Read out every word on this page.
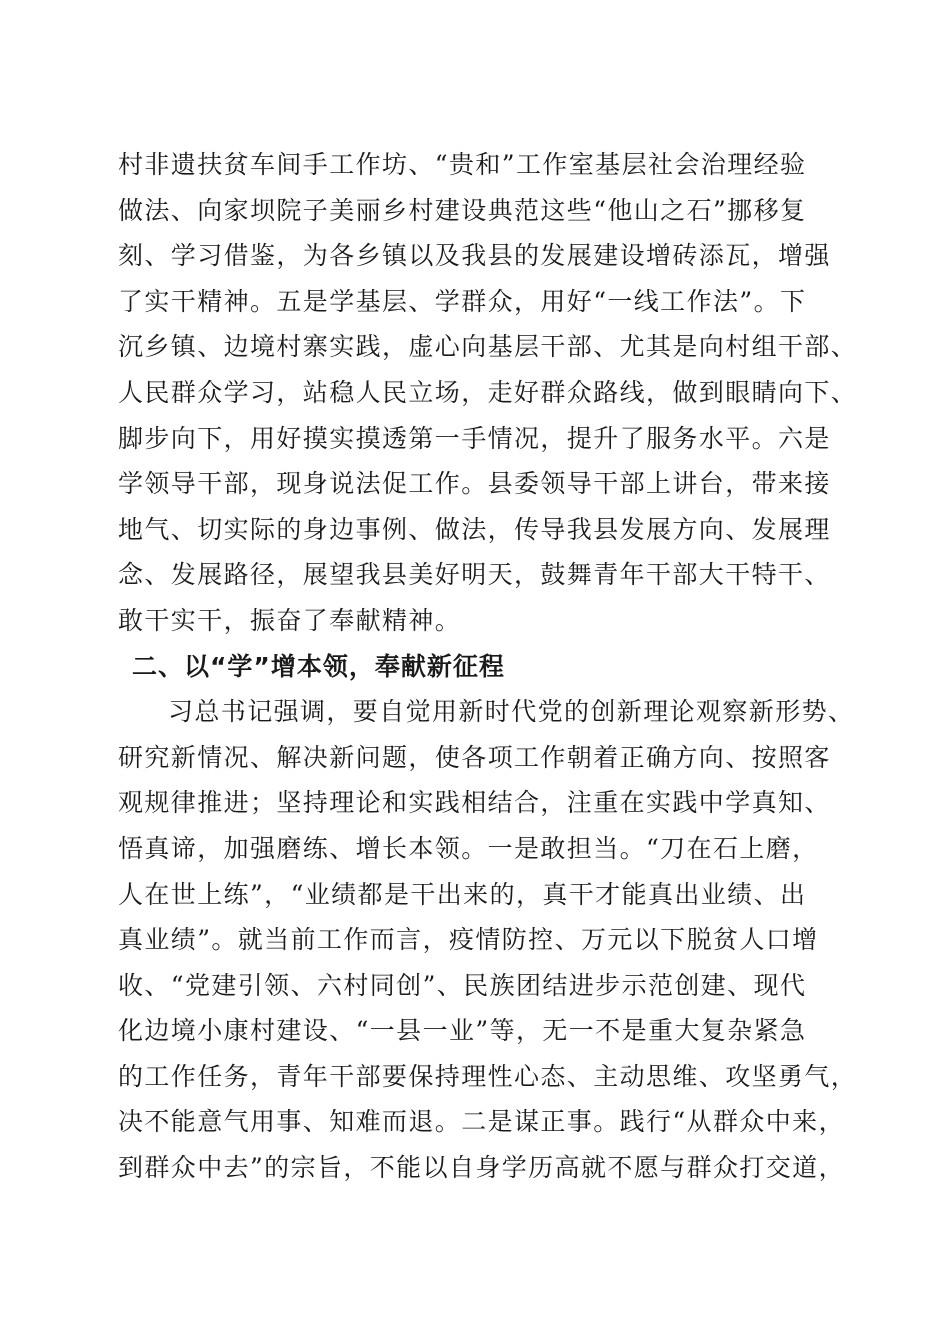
村非遗扶贫车间手工作坊、“贵和”工作室基层社会治理经验
做法、向家坝院子美丽乡村建设典范这些“他山之石”挪移复
刻、学习借鉴，为各乡镇以及我县的发展建设增砖添瓦，增强
了实干精神。五是学基层、学群众，用好“一线工作法”。下
沉乡镇、边境村寨实践，虚心向基层干部、尤其是向村组干部、
人民群众学习，站稳人民立场，走好群众路线，做到眼睛向下、
脚步向下，用好摸实摸透第一手情况，提升了服务水平。六是
学领导干部，现身说法促工作。县委领导干部上讲台，带来接
地气、切实际的身边事例、做法，传导我县发展方向、发展理
念、发展路径，展望我县美好明天，鼓舞青年干部大干特干、
敢干实干，振奋了奉献精神。
二、以“学”增本领，奉献新征程
习总书记强调，要自觉用新时代党的创新理论观察新形势、
研究新情况、解决新问题，使各项工作朝着正确方向、按照客
观规律推进；坚持理论和实践相结合，注重在实践中学真知、
悟真谛，加强磨练、增长本领。一是敢担当。“刀在石上磨，
人在世上练”，“业绩都是干出来的，真干才能真出业绩、出
真业绩”。就当前工作而言，疫情防控、万元以下脱贫人口增
收、“党建引领、六村同创”、民族团结进步示范创建、现代
化边境小康村建设、“一县一业”等，无一不是重大复杂紧急
的工作任务，青年干部要保持理性心态、主动思维、攻坚勇气，
决不能意气用事、知难而退。二是谋正事。践行“从群众中来，
到群众中去”的宗旨，不能以自身学历高就不愿与群众打交道，
